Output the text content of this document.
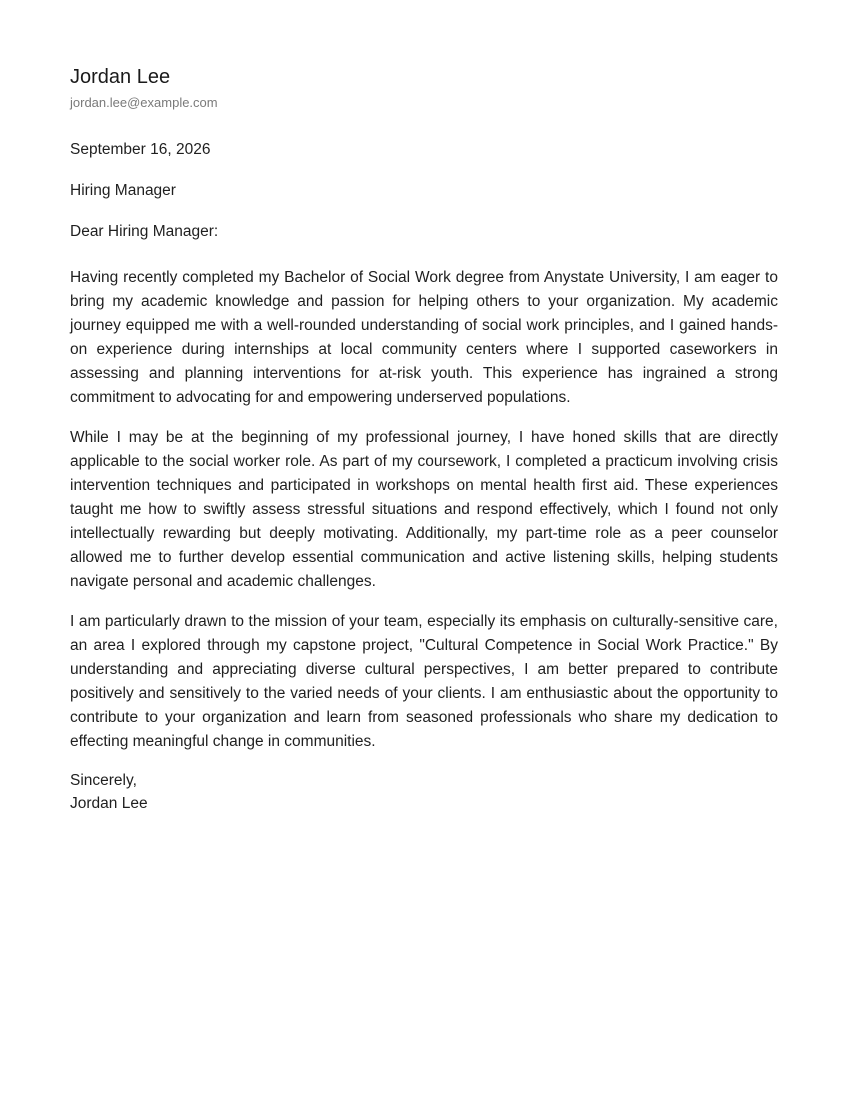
Jordan Lee
jordan.lee@example.com
September 16, 2026
Hiring Manager
Dear Hiring Manager:

Having recently completed my Bachelor of Social Work degree from Anystate University, I am eager to bring my academic knowledge and passion for helping others to your organization. My academic journey equipped me with a well-rounded understanding of social work principles, and I gained hands-on experience during internships at local community centers where I supported caseworkers in assessing and planning interventions for at-risk youth. This experience has ingrained a strong commitment to advocating for and empowering underserved populations.

While I may be at the beginning of my professional journey, I have honed skills that are directly applicable to the social worker role. As part of my coursework, I completed a practicum involving crisis intervention techniques and participated in workshops on mental health first aid. These experiences taught me how to swiftly assess stressful situations and respond effectively, which I found not only intellectually rewarding but deeply motivating. Additionally, my part-time role as a peer counselor allowed me to further develop essential communication and active listening skills, helping students navigate personal and academic challenges.

I am particularly drawn to the mission of your team, especially its emphasis on culturally-sensitive care, an area I explored through my capstone project, "Cultural Competence in Social Work Practice." By understanding and appreciating diverse cultural perspectives, I am better prepared to contribute positively and sensitively to the varied needs of your clients. I am enthusiastic about the opportunity to contribute to your organization and learn from seasoned professionals who share my dedication to effecting meaningful change in communities.

Sincerely,
Jordan Lee
